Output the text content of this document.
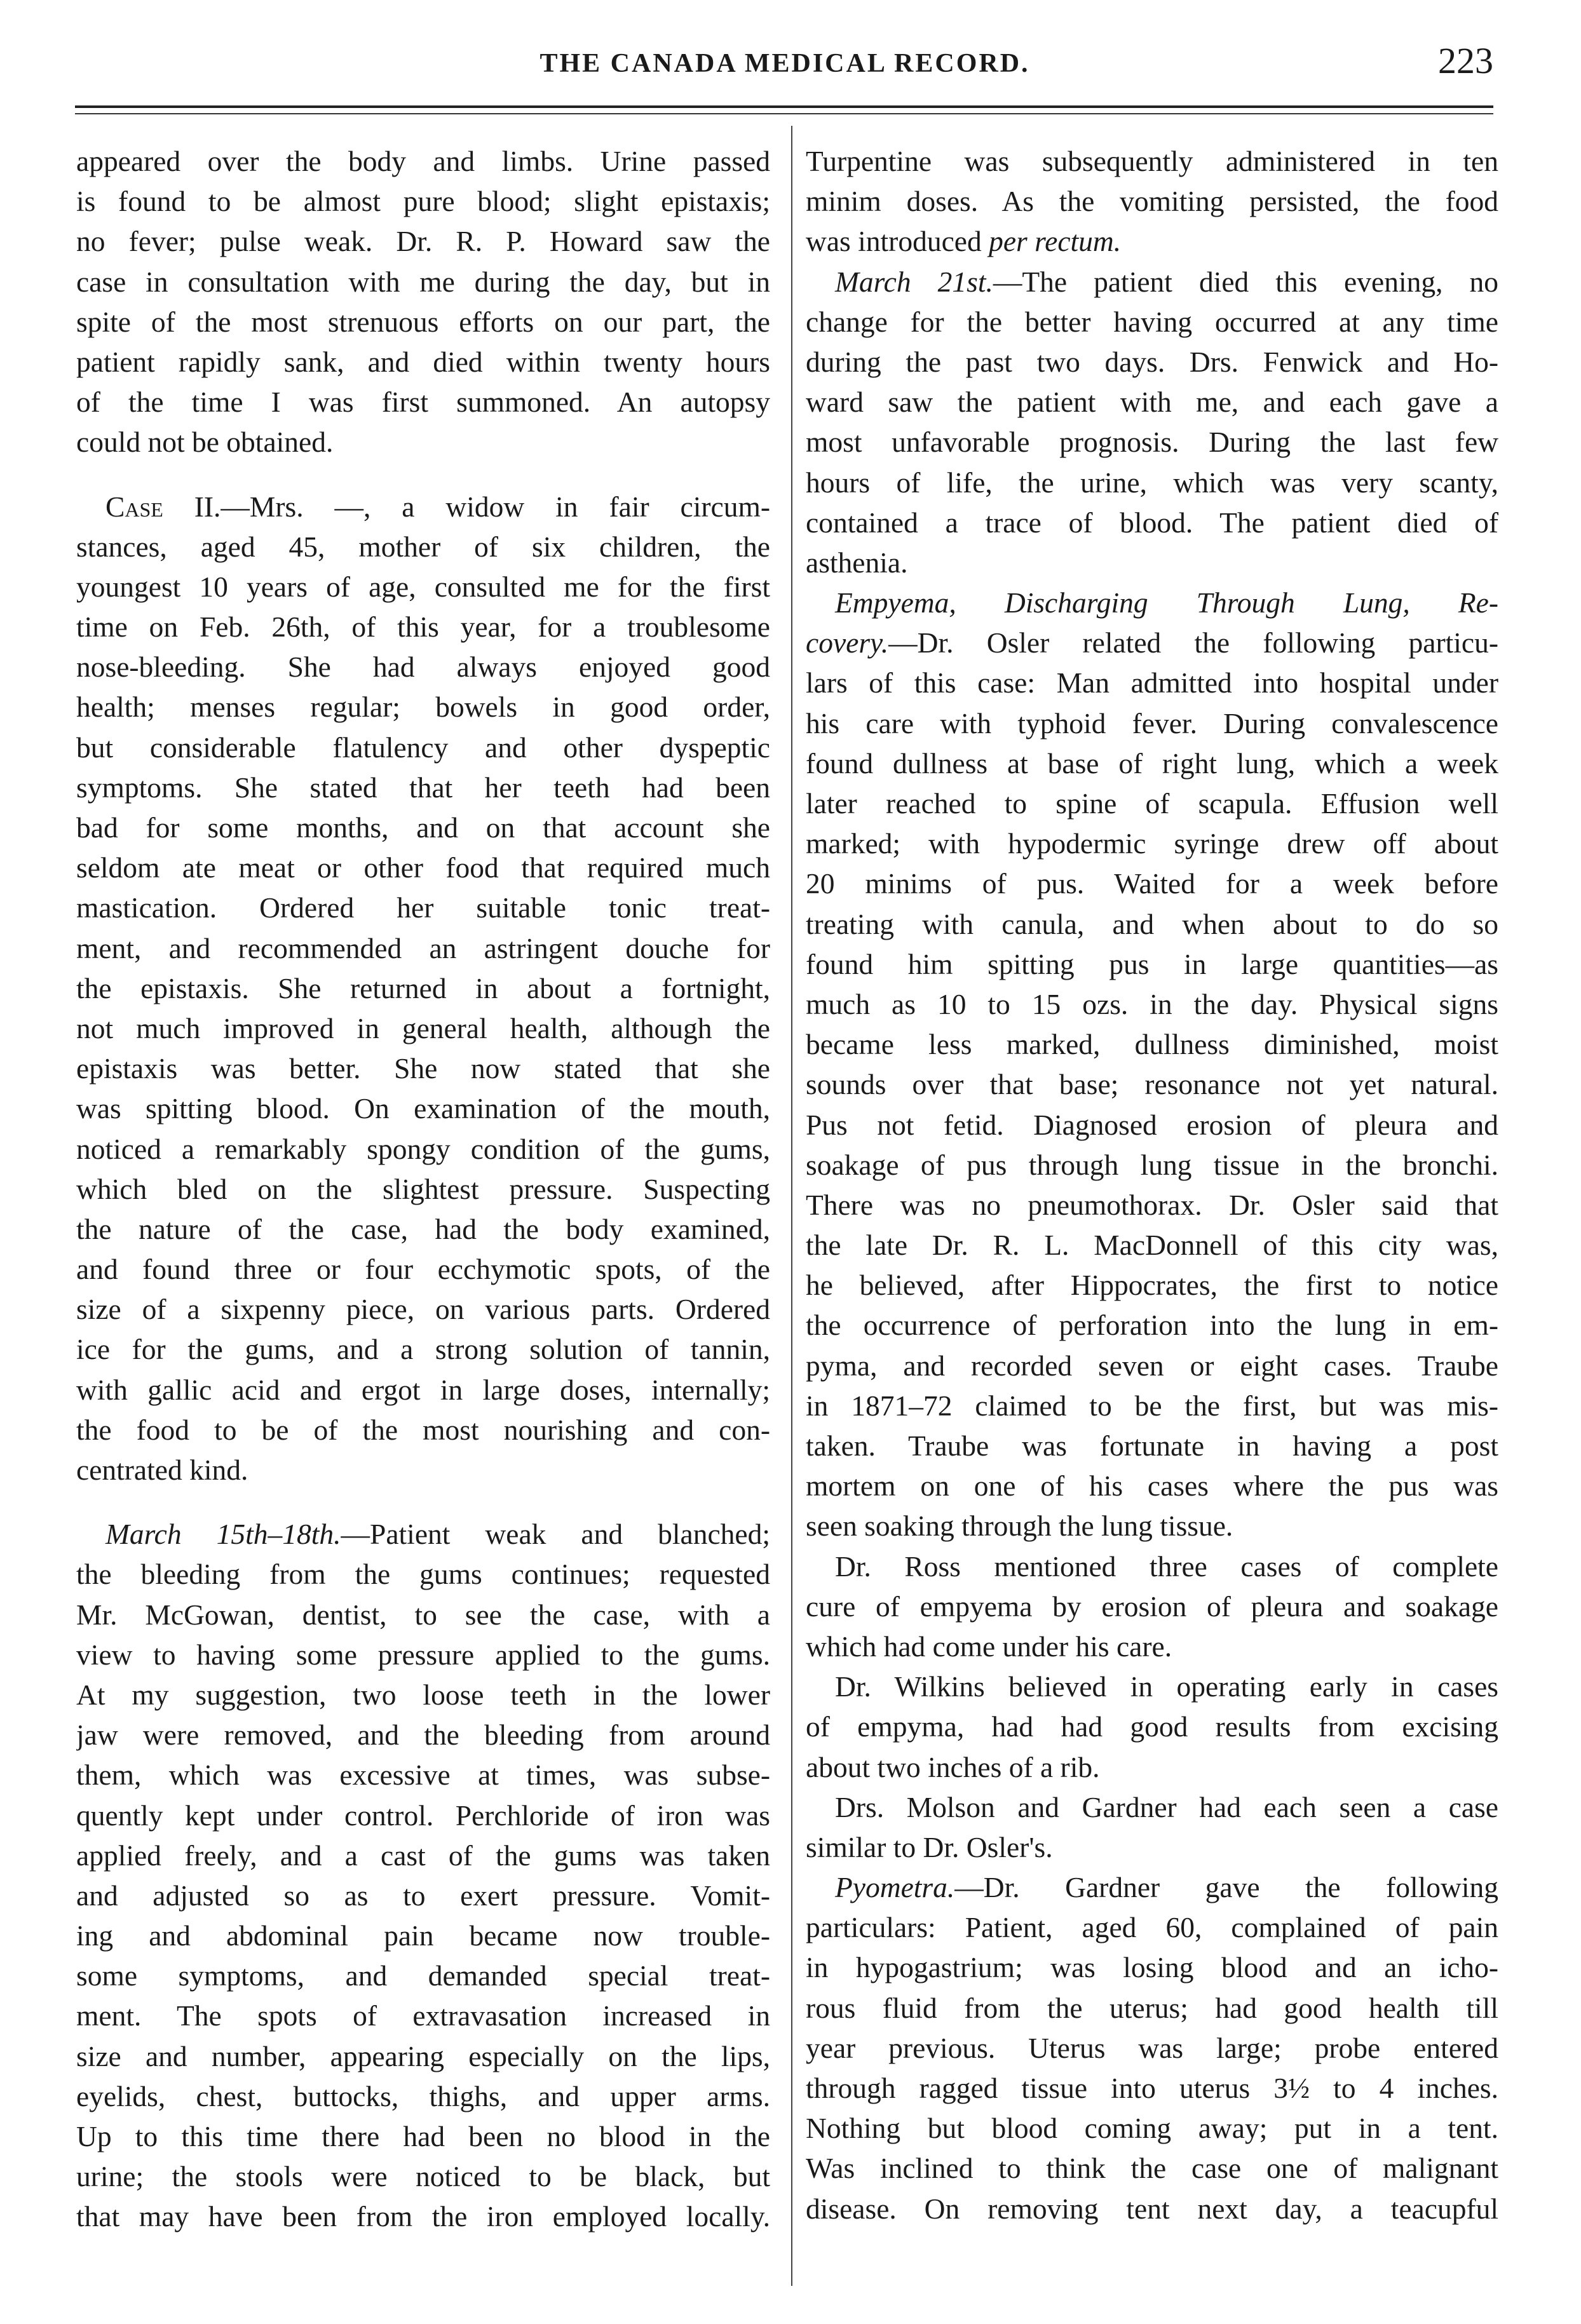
THE CANADA MEDICAL RECORD.	223
appeared over the body and limbs. Urine passed
is found to be almost pure blood; slight epistaxis;
no fever; pulse weak. Dr. R. P. Howard saw the
case in consultation with me during the day, but in
spite of the most strenuous efforts on our part, the
patient rapidly sank, and died within twenty hours
of the time I was first summoned. An autopsy
could not be obtained.
Case II.—Mrs. —, a widow in fair circum-
stances, aged 45, mother of six children, the
youngest 10 years of age, consulted me for the first
time on Feb. 26th, of this year, for a troublesome
nose-bleeding. She had always enjoyed good
health; menses regular; bowels in good order,
but considerable flatulency and other dyspeptic
symptoms. She stated that her teeth had been
bad for some months, and on that account she
seldom ate meat or other food that required much
mastication. Ordered her suitable tonic treat-
ment, and recommended an astringent douche for
the epistaxis. She returned in about a fortnight,
not much improved in general health, although the
epistaxis was better. She now stated that she
was spitting blood. On examination of the mouth,
noticed a remarkably spongy condition of the gums,
which bled on the slightest pressure. Suspecting
the nature of the case, had the body examined,
and found three or four ecchymotic spots, of the
size of a sixpenny piece, on various parts. Ordered
ice for the gums, and a strong solution of tannin,
with gallic acid and ergot in large doses, internally;
the food to be of the most nourishing and con-
centrated kind.
March 15th–18th.—Patient weak and blanched;
the bleeding from the gums continues; requested
Mr. McGowan, dentist, to see the case, with a
view to having some pressure applied to the gums.
At my suggestion, two loose teeth in the lower
jaw were removed, and the bleeding from around
them, which was excessive at times, was subse-
quently kept under control. Perchloride of iron was
applied freely, and a cast of the gums was taken
and adjusted so as to exert pressure. Vomit-
ing and abdominal pain became now trouble-
some symptoms, and demanded special treat-
ment. The spots of extravasation increased in
size and number, appearing especially on the lips,
eyelids, chest, buttocks, thighs, and upper arms.
Up to this time there had been no blood in the
urine; the stools were noticed to be black, but
that may have been from the iron employed locally.
Turpentine was subsequently administered in ten
minim doses. As the vomiting persisted, the food
was introduced per rectum.
March 21st.—The patient died this evening, no
change for the better having occurred at any time
during the past two days. Drs. Fenwick and Ho-
ward saw the patient with me, and each gave a
most unfavorable prognosis. During the last few
hours of life, the urine, which was very scanty,
contained a trace of blood. The patient died of
asthenia.
Empyema, Discharging Through Lung, Re-
covery.—Dr. Osler related the following particu-
lars of this case: Man admitted into hospital under
his care with typhoid fever. During convalescence
found dullness at base of right lung, which a week
later reached to spine of scapula. Effusion well
marked; with hypodermic syringe drew off about
20 minims of pus. Waited for a week before
treating with canula, and when about to do so
found him spitting pus in large quantities—as
much as 10 to 15 ozs. in the day. Physical signs
became less marked, dullness diminished, moist
sounds over that base; resonance not yet natural.
Pus not fetid. Diagnosed erosion of pleura and
soakage of pus through lung tissue in the bronchi.
There was no pneumothorax. Dr. Osler said that
the late Dr. R. L. MacDonnell of this city was,
he believed, after Hippocrates, the first to notice
the occurrence of perforation into the lung in em-
pyma, and recorded seven or eight cases. Traube
in 1871–72 claimed to be the first, but was mis-
taken. Traube was fortunate in having a post
mortem on one of his cases where the pus was
seen soaking through the lung tissue.
Dr. Ross mentioned three cases of complete
cure of empyema by erosion of pleura and soakage
which had come under his care.
Dr. Wilkins believed in operating early in cases
of empyma, had had good results from excising
about two inches of a rib.
Drs. Molson and Gardner had each seen a case
similar to Dr. Osler's.
Pyometra.—Dr. Gardner gave the following
particulars: Patient, aged 60, complained of pain
in hypogastrium; was losing blood and an icho-
rous fluid from the uterus; had good health till
year previous. Uterus was large; probe entered
through ragged tissue into uterus 3½ to 4 inches.
Nothing but blood coming away; put in a tent.
Was inclined to think the case one of malignant
disease. On removing tent next day, a teacupful
